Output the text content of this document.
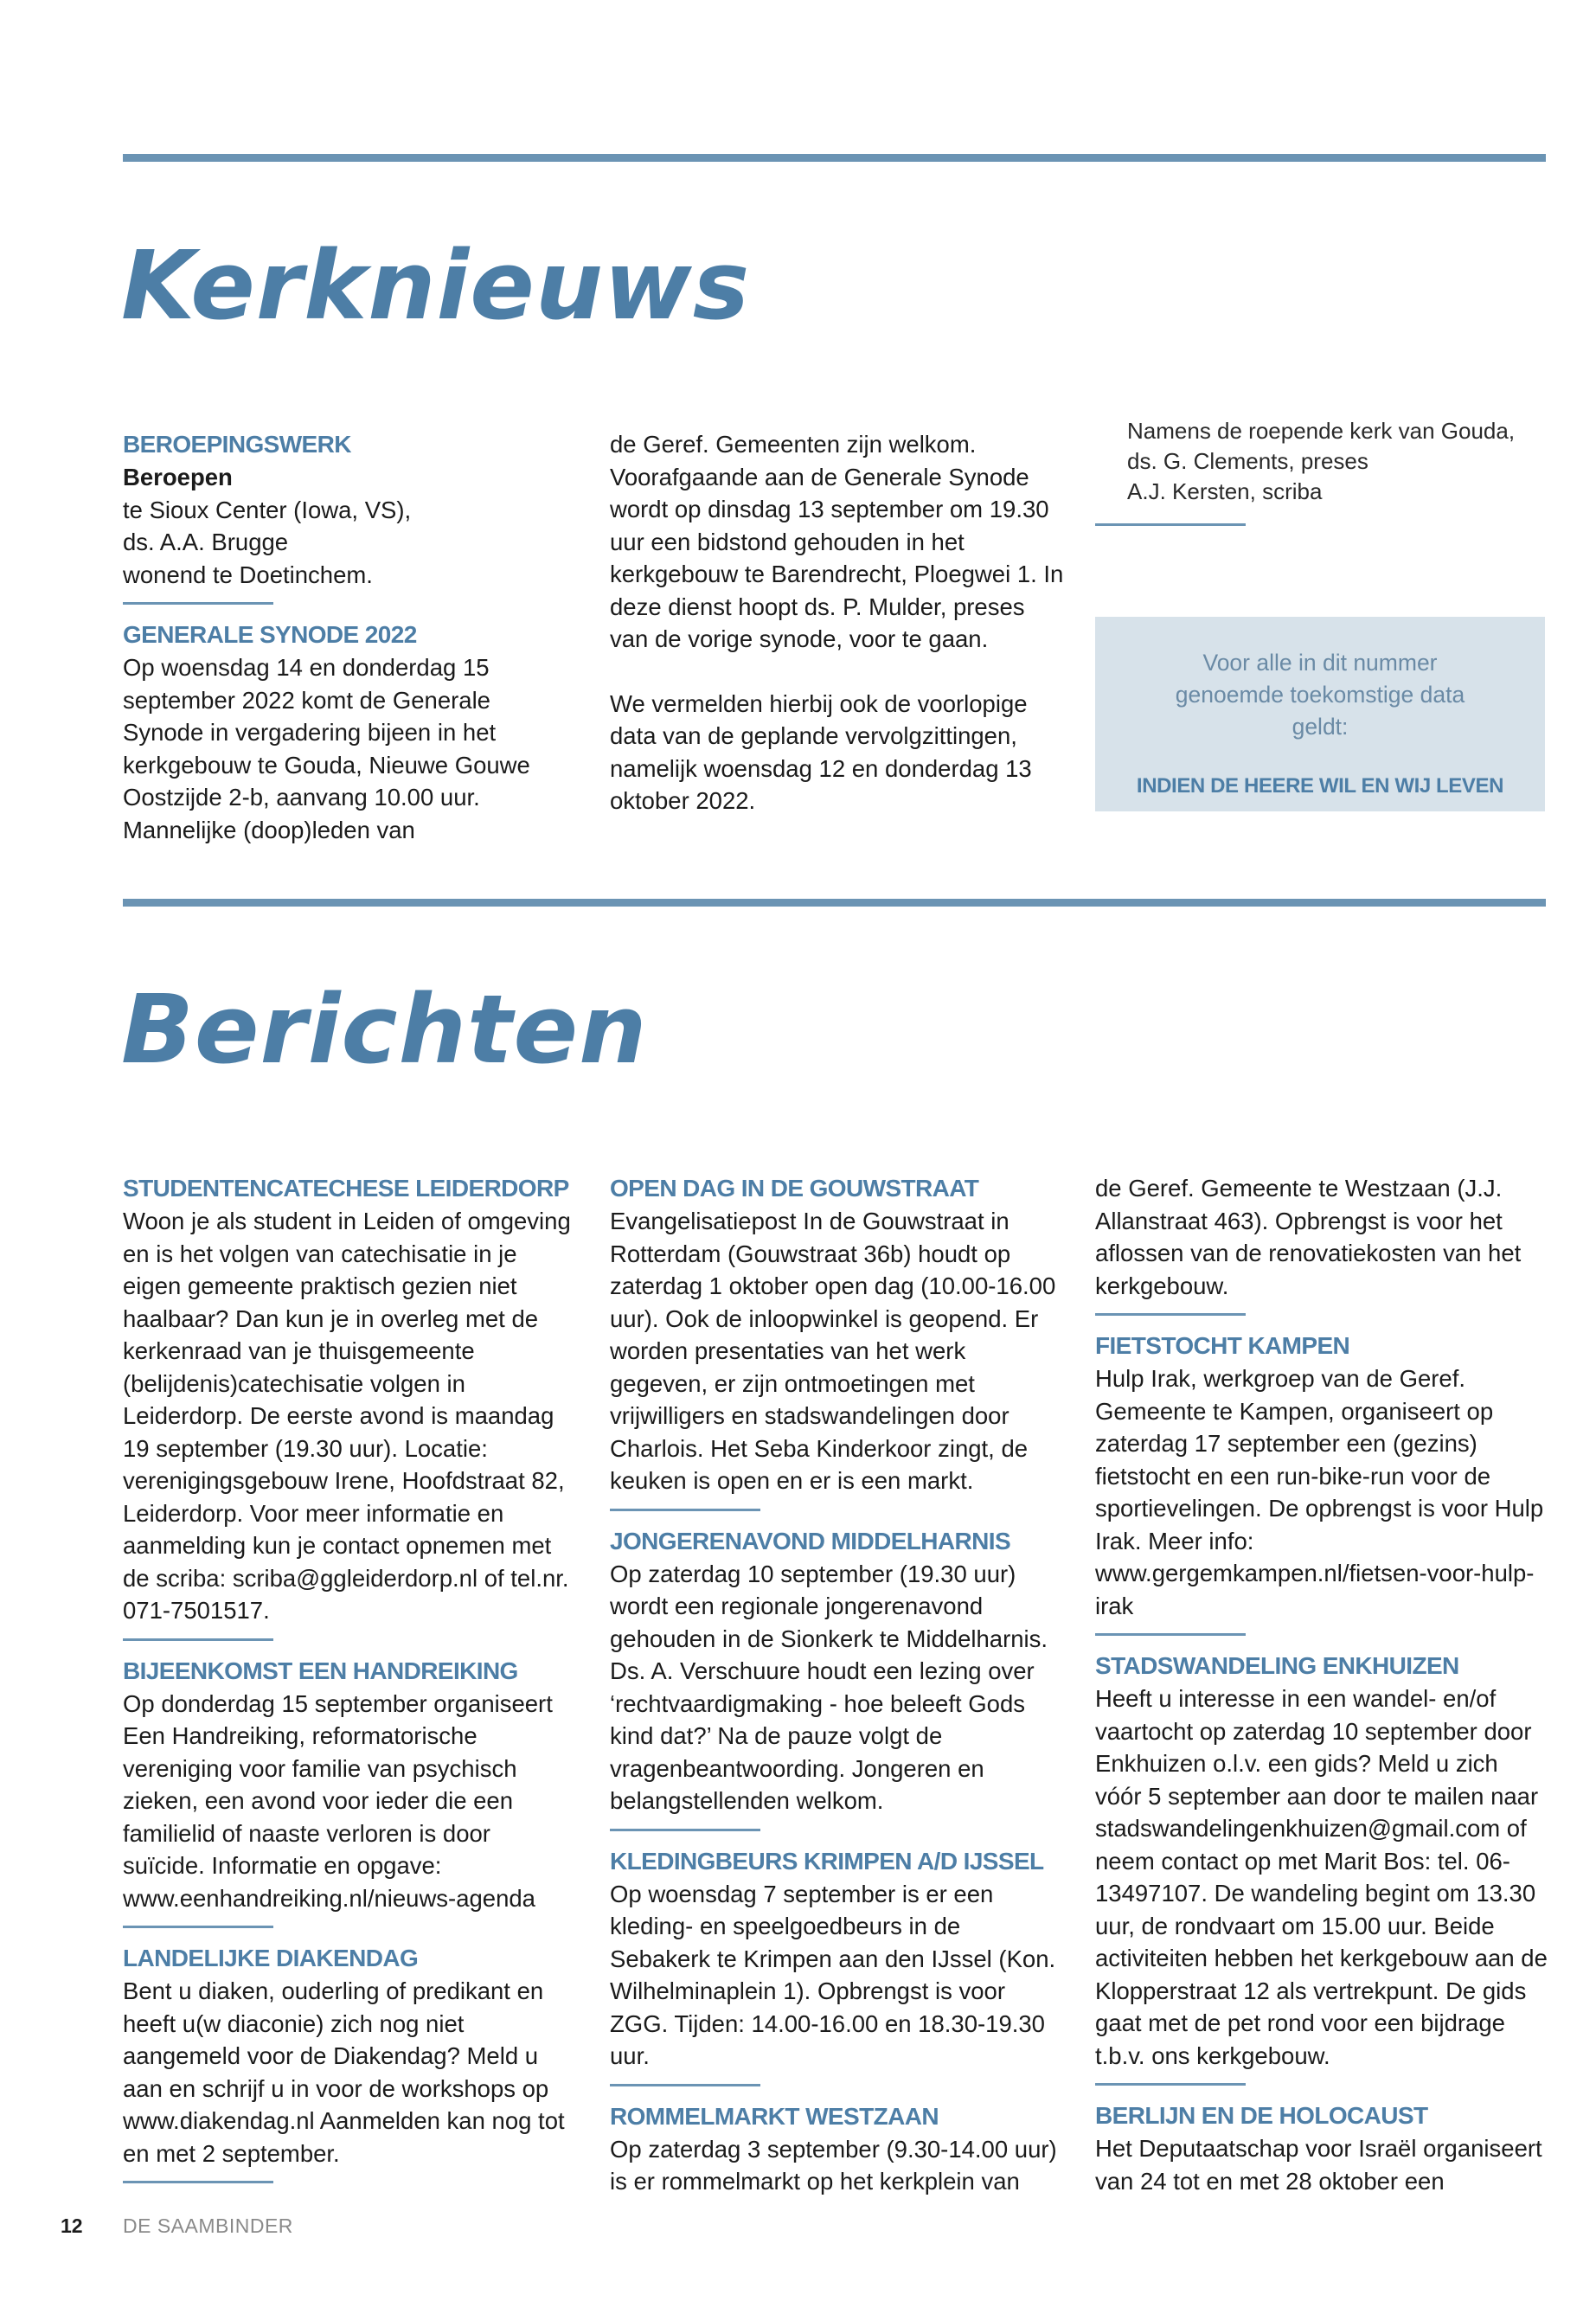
Kerknieuws

BEROEPINGSWERK

Beroepen

te Sioux Center (Iowa, VS),

ds. A.A. Brugge

wonend te Doetinchem.

GENERALE SYNODE 2022

Op woensdag 14 en donderdag 15 september 2022 komt de Generale Synode in vergadering bijeen in het kerkgebouw te Gouda, Nieuwe Gouwe Oostzijde 2-b, aanvang 10.00 uur. Mannelijke (doop)leden van

de Geref. Gemeenten zijn welkom. Voorafgaande aan de Generale Synode wordt op dinsdag 13 september om 19.30 uur een bidstond gehouden in het kerkgebouw te Barendrecht, Ploegwei 1. In deze dienst hoopt ds. P. Mulder, preses van de vorige synode, voor te gaan.

We vermelden hierbij ook de voorlopige data van de geplande vervolgzittingen, namelijk woensdag 12 en donderdag 13 oktober 2022.

Namens de roepende kerk van Gouda,

ds. G. Clements, preses

A.J. Kersten, scriba

Voor alle in dit nummer genoemde toekomstige data geldt:

INDIEN DE HEERE WIL EN WIJ LEVEN

Berichten

STUDENTENCATECHESE LEIDERDORP

Woon je als student in Leiden of omgeving en is het volgen van catechisatie in je eigen gemeente praktisch gezien niet haalbaar? Dan kun je in overleg met de kerkenraad van je thuisgemeente (belijdenis)catechisatie volgen in Leiderdorp. De eerste avond is maandag 19 september (19.30 uur). Locatie: verenigingsgebouw Irene, Hoofdstraat 82, Leiderdorp. Voor meer informatie en aanmelding kun je contact opnemen met de scriba: scriba@ggleiderdorp.nl of tel.nr. 071-7501517.

BIJEENKOMST EEN HANDREIKING

Op donderdag 15 september organiseert Een Handreiking, reformatorische vereniging voor familie van psychisch zieken, een avond voor ieder die een familielid of naaste verloren is door suïcide. Informatie en opgave: www.eenhandreiking.nl/nieuws-agenda

LANDELIJKE DIAKENDAG

Bent u diaken, ouderling of predikant en heeft u(w diaconie) zich nog niet aangemeld voor de Diakendag? Meld u aan en schrijf u in voor de workshops op www.diakendag.nl Aanmelden kan nog tot en met 2 september.

OPEN DAG IN DE GOUWSTRAAT

Evangelisatiepost In de Gouwstraat in Rotterdam (Gouwstraat 36b) houdt op zaterdag 1 oktober open dag (10.00-16.00 uur). Ook de inloopwinkel is geopend. Er worden presentaties van het werk gegeven, er zijn ontmoetingen met vrijwilligers en stadswandelingen door Charlois. Het Seba Kinderkoor zingt, de keuken is open en er is een markt.

JONGERENAVOND MIDDELHARNIS

Op zaterdag 10 september (19.30 uur) wordt een regionale jongerenavond gehouden in de Sionkerk te Middelharnis. Ds. A. Verschuure houdt een lezing over ‘rechtvaardigmaking - hoe beleeft Gods kind dat?’ Na de pauze volgt de vragenbeantwoording. Jongeren en belangstellenden welkom.

KLEDINGBEURS KRIMPEN A/D IJSSEL

Op woensdag 7 september is er een kleding- en speelgoedbeurs in de Sebakerk te Krimpen aan den IJssel (Kon. Wilhelminaplein 1). Opbrengst is voor ZGG. Tijden: 14.00-16.00 en 18.30-19.30 uur.

ROMMELMARKT WESTZAAN

Op zaterdag 3 september (9.30-14.00 uur) is er rommelmarkt op het kerkplein van

de Geref. Gemeente te Westzaan (J.J. Allanstraat 463). Opbrengst is voor het aflossen van de renovatiekosten van het kerkgebouw.

FIETSTOCHT KAMPEN

Hulp Irak, werkgroep van de Geref. Gemeente te Kampen, organiseert op zaterdag 17 september een (gezins) fietstocht en een run-bike-run voor de sportievelingen. De opbrengst is voor Hulp Irak. Meer info: www.gergemkampen.nl/fietsen-voor-hulp-irak

STADSWANDELING ENKHUIZEN

Heeft u interesse in een wandel- en/of vaartocht op zaterdag 10 september door Enkhuizen o.l.v. een gids? Meld u zich vóór 5 september aan door te mailen naar stadswandelingenkhuizen@gmail.com of neem contact op met Marit Bos: tel. 06-13497107. De wandeling begint om 13.30 uur, de rondvaart om 15.00 uur. Beide activiteiten hebben het kerkgebouw aan de Klopperstraat 12 als vertrekpunt. De gids gaat met de pet rond voor een bijdrage t.b.v. ons kerkgebouw.

BERLIJN EN DE HOLOCAUST

Het Deputaatschap voor Israël organiseert van 24 tot en met 28 oktober een

12 DE SAAMBINDER
